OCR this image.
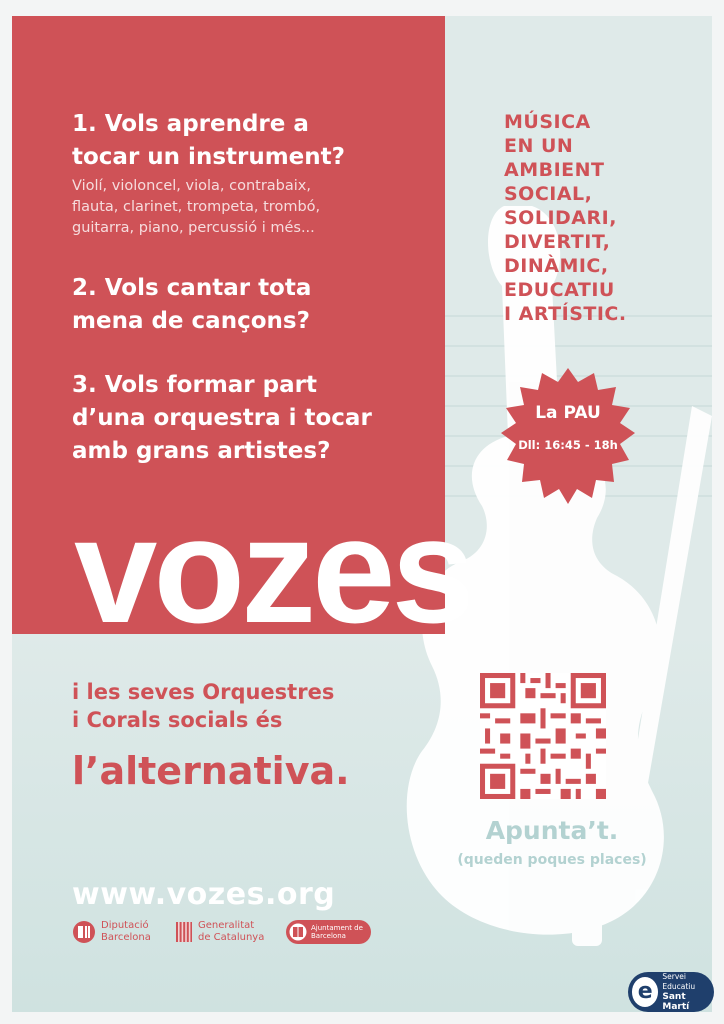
1. Vols aprendre a
tocar un instrument?

Violí, violoncel, viola, contrabaix,
flauta, clarinet, trompeta, trombó,
guitarra, piano, percussió i més...

2. Vols cantar tota
mena de cançons?

3. Vols formar part
d’una orquestra i tocar
amb grans artistes?

MÚSICA
EN UN
AMBIENT
SOCIAL,
SOLIDARI,
DIVERTIT,
DINÀMIC,
EDUCATIU
I ARTÍSTIC.
La PAU
Dll: 16:45 - 18h
vozes
i les seves Orquestres
i Corals socials és
l’alternativa.
Apunta’t.
(queden poques places)
www.vozes.org
Diputació
Barcelona
Generalitat
de Catalunya
Ajuntament de
Barcelona
e
Servei Educatiu
Sant Martí
